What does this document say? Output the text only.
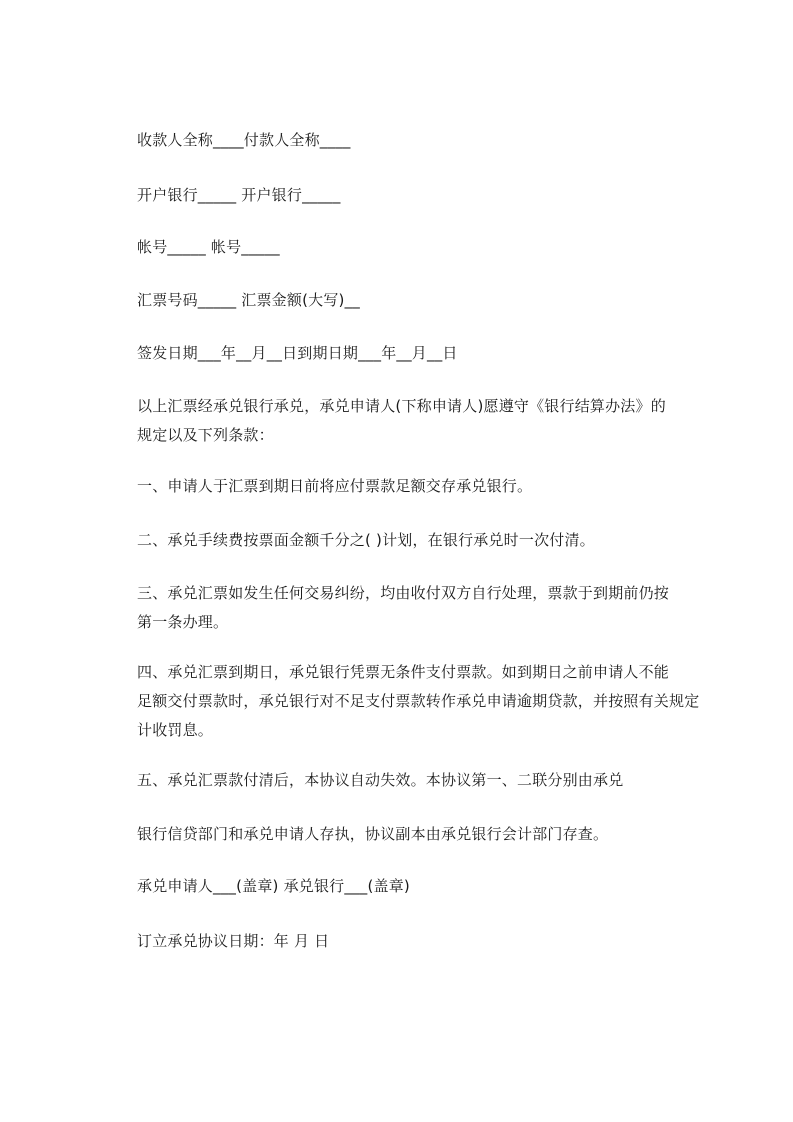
收款人全称____付款人全称____
开户银行_____ 开户银行_____
帐号_____ 帐号_____
汇票号码_____ 汇票金额(大写)__
签发日期___年__月__日到期日期___年__月__日
以上汇票经承兑银行承兑，承兑申请人(下称申请人)愿遵守《银行结算办法》的
规定以及下列条款：
一、申请人于汇票到期日前将应付票款足额交存承兑银行。
二、承兑手续费按票面金额千分之( )计划，在银行承兑时一次付清。
三、承兑汇票如发生任何交易纠纷，均由收付双方自行处理，票款于到期前仍按
第一条办理。
四、承兑汇票到期日，承兑银行凭票无条件支付票款。如到期日之前申请人不能
足额交付票款时，承兑银行对不足支付票款转作承兑申请逾期贷款，并按照有关规定
计收罚息。
五、承兑汇票款付清后，本协议自动失效。本协议第一、二联分别由承兑
银行信贷部门和承兑申请人存执，协议副本由承兑银行会计部门存查。
承兑申请人___(盖章) 承兑银行___(盖章)
订立承兑协议日期：年 月 日
